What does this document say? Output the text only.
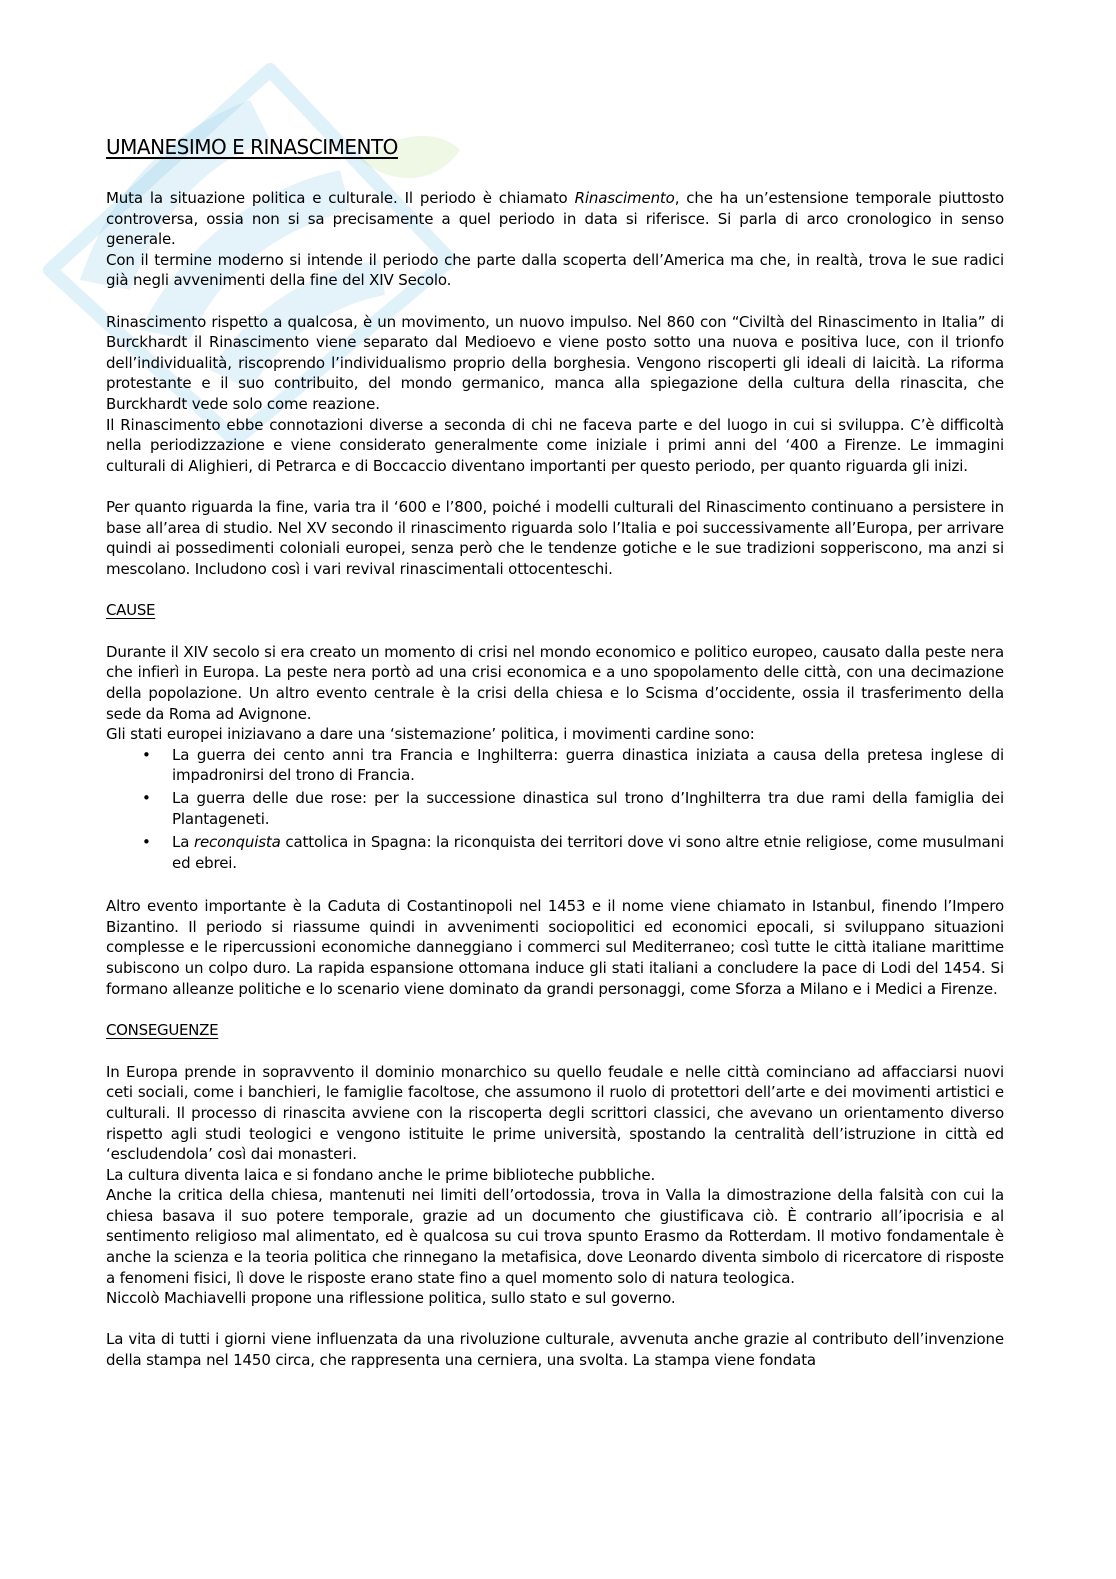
UMANESIMO E RINASCIMENTO

Muta la situazione politica e culturale. Il periodo è chiamato Rinascimento, che ha un’estensione temporale piuttosto controversa, ossia non si sa precisamente a quel periodo in data si riferisce. Si parla di arco cronologico in senso generale.

Con il termine moderno si intende il periodo che parte dalla scoperta dell’America ma che, in realtà, trova le sue radici già negli avvenimenti della fine del XIV Secolo.

Rinascimento rispetto a qualcosa, è un movimento, un nuovo impulso. Nel 860 con “Civiltà del Rinascimento in Italia” di Burckhardt il Rinascimento viene separato dal Medioevo e viene posto sotto una nuova e positiva luce, con il trionfo dell’individualità, riscoprendo l’individualismo proprio della borghesia. Vengono riscoperti gli ideali di laicità. La riforma protestante e il suo contribuito, del mondo germanico, manca alla spiegazione della cultura della rinascita, che Burckhardt vede solo come reazione.

Il Rinascimento ebbe connotazioni diverse a seconda di chi ne faceva parte e del luogo in cui si sviluppa. C’è difficoltà nella periodizzazione e viene considerato generalmente come iniziale i primi anni del ‘400 a Firenze. Le immagini culturali di Alighieri, di Petrarca e di Boccaccio diventano importanti per questo periodo, per quanto riguarda gli inizi.

Per quanto riguarda la fine, varia tra il ‘600 e l’800, poiché i modelli culturali del Rinascimento continuano a persistere in base all’area di studio. Nel XV secondo il rinascimento riguarda solo l’Italia e poi successivamente all’Europa, per arrivare quindi ai possedimenti coloniali europei, senza però che le tendenze gotiche e le sue tradizioni sopperiscono, ma anzi si mescolano. Includono così i vari revival rinascimentali ottocenteschi.

CAUSE

Durante il XIV secolo si era creato un momento di crisi nel mondo economico e politico europeo, causato dalla peste nera che infierì in Europa. La peste nera portò ad una crisi economica e a uno spopolamento delle città, con una decimazione della popolazione. Un altro evento centrale è la crisi della chiesa e lo Scisma d’occidente, ossia il trasferimento della sede da Roma ad Avignone.

Gli stati europei iniziavano a dare una ‘sistemazione’ politica, i movimenti cardine sono:

• La guerra dei cento anni tra Francia e Inghilterra: guerra dinastica iniziata a causa della pretesa inglese di impadronirsi del trono di Francia.
• La guerra delle due rose: per la successione dinastica sul trono d’Inghilterra tra due rami della famiglia dei Plantageneti.
• La reconquista cattolica in Spagna: la riconquista dei territori dove vi sono altre etnie religiose, come musulmani ed ebrei.

Altro evento importante è la Caduta di Costantinopoli nel 1453 e il nome viene chiamato in Istanbul, finendo l’Impero Bizantino. Il periodo si riassume quindi in avvenimenti sociopolitici ed economici epocali, si sviluppano situazioni complesse e le ripercussioni economiche danneggiano i commerci sul Mediterraneo; così tutte le città italiane marittime subiscono un colpo duro. La rapida espansione ottomana induce gli stati italiani a concludere la pace di Lodi del 1454. Si formano alleanze politiche e lo scenario viene dominato da grandi personaggi, come Sforza a Milano e i Medici a Firenze.

CONSEGUENZE

In Europa prende in sopravvento il dominio monarchico su quello feudale e nelle città cominciano ad affacciarsi nuovi ceti sociali, come i banchieri, le famiglie facoltose, che assumono il ruolo di protettori dell’arte e dei movimenti artistici e culturali. Il processo di rinascita avviene con la riscoperta degli scrittori classici, che avevano un orientamento diverso rispetto agli studi teologici e vengono istituite le prime università, spostando la centralità dell’istruzione in città ed ‘escludendola’ così dai monasteri.

La cultura diventa laica e si fondano anche le prime biblioteche pubbliche.

Anche la critica della chiesa, mantenuti nei limiti dell’ortodossia, trova in Valla la dimostrazione della falsità con cui la chiesa basava il suo potere temporale, grazie ad un documento che giustificava ciò. È contrario all’ipocrisia e al sentimento religioso mal alimentato, ed è qualcosa su cui trova spunto Erasmo da Rotterdam. Il motivo fondamentale è anche la scienza e la teoria politica che rinnegano la metafisica, dove Leonardo diventa simbolo di ricercatore di risposte a fenomeni fisici, lì dove le risposte erano state fino a quel momento solo di natura teologica.

Niccolò Machiavelli propone una riflessione politica, sullo stato e sul governo.

La vita di tutti i giorni viene influenzata da una rivoluzione culturale, avvenuta anche grazie al contributo dell’invenzione della stampa nel 1450 circa, che rappresenta una cerniera, una svolta. La stampa viene fondata
